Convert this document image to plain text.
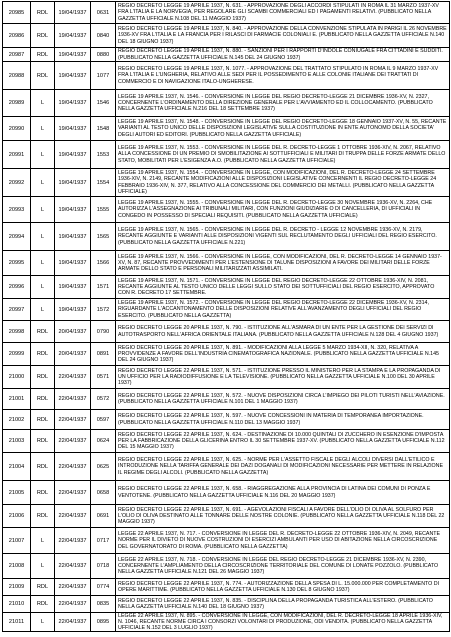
20985	RDL	19/04/1937	0631	REGIO DECRETO LEGGE 19 APRILE 1937, N. 631. - APPROVAZIONE DEGLI ACCORDI STIPULATI IN ROMA IL 31 MARZO 1937-XV FRA L'ITALIA E LA NORVEGIA, PER REGOLARE GLI SCAMBI COMMERCIALI ED I PAGAMENTI RELATIVI. (PUBBLICATO NELLA GAZZETTA UFFICIALE N.108 DEL 11 MAGGIO 1937)
20986	RDL	19/04/1937	0840	REGIO DECRETO LEGGE 19 APRILE 1937, N. 840. - APPROVAZIONE DELLA CONVENZIONE STIPULATA IN PARIGI IL 26 NOVEMBRE 1936-XV FRA L'ITALIA E LA FRANCIA PER I RILASCI DI FARMACIE COLONIALI E. (PUBBLICATO NELLA GAZZETTA UFFICIALE N.140 DEL 18 GIUGNO 1937)
20987	RDL	19/04/1937	0880	REGIO DECRETO LEGGE 19 APRILE 1937, N. 880. - SANZIONI PER I RAPPORTI D'INDOLE CONIUGALE FRA CITTADINI E SUDDITI. (PUBBLICATO NELLA GAZZETTA UFFICIALE N.145 DEL 24 GIUGNO 1937)
20988	RDL	19/04/1937	1077	REGIO DECRETO LEGGE 19 APRILE 1937, N. 1077. - APPROVAZIONE DEL TRATTATO STIPULATO IN ROMA IL 9 MARZO 1937-XV FRA L'ITALIA E L'UNGHERIA, RELATIVO ALLE SEDI PER IL POSSEDIMENTO E ALLE COLONIE ITALIANE DEI TRATTATI DI COMMERCIO E DI NAVIGAZIONE ITALO-UNGHERESE.
20989	L	19/04/1937	1546	LEGGE 19 APRILE 1937, N. 1546. - CONVERSIONE IN LEGGE DEL REGIO DECRETO-LEGGE 21 DICEMBRE 1936-XV, N. 2327, CONCERNENTE L'ORDINAMENTO DELLA DIREZIONE GENERALE PER L'AVVIAMENTO ED IL COLLOCAMENTO. (PUBBLICATO NELLA GAZZETTA UFFICIALE N.216 DEL 18 SETTEMBRE 1937)
20990	L	19/04/1937	1548	LEGGE 19 APRILE 1937, N. 1548. - CONVERSIONE IN LEGGE DEL REGIO DECRETO-LEGGE 18 GENNAIO 1937-XV, N. 55, RECANTE VARIANTI AL TESTO UNICO DELLE DISPOSIZIONI LEGISLATIVE SULLA COSTITUZIONE IN ENTE AUTONOMO DELLA SOCIETA' DEGLI AUTORI ED EDITORI. (PUBBLICATO NELLA GAZZETTA UFFICIALE)
20991	L	19/04/1937	1553	LEGGE 19 APRILE 1937, N. 1553. - CONVERSIONE IN LEGGE DEL R. DECRETO-LEGGE 1 OTTOBRE 1936-XIV, N. 2067, RELATIVO ALLA CONCESSIONE DI UN PREMIO DI SMOBILITAZIONE AI SOTTUFFICIALI E MILITARI DI TRUPPA DELLE FORZE ARMATE DELLO STATO, MOBILITATI PER L'ESIGENZA A.O. (PUBBLICATO NELLA GAZZETTA UFFICIALE)
20992	L	19/04/1937	1554	LEGGE 19 APRILE 1937, N. 1554. - CONVERSIONE IN LEGGE, CON MODIFICAZIONI, DEL R. DECRETO-LEGGE 24 SETTEMBRE 1936-XIV, N. 2149, RECANTE MODIFICAZIONI ALLE DISPOSIZIONI LEGISLATIVE CONCERNENTI IL REGIO DECRETO-LEGGE 24 FEBBRAIO 1936-XIV, N. 377, RELATIVO ALLA CONCESSIONE DEL COMMERCIO DEI METALLI. (PUBBLICATO NELLA GAZZETTA UFFICIALE)
20993	L	19/04/1937	1555	LEGGE 19 APRILE 1937, N. 1555. - CONVERSIONE IN LEGGE DEL R. DECRETO-LEGGE 30 NOVEMBRE 1936-XV, N. 2264, CHE AUTORIZZA L'ASSEGNAZIONE AI TRIBUNALI MILITARI, CON FUNZIONI GIUDIZIARIE O DI CANCELLERIA, DI UFFICIALI IN CONGEDO IN POSSESSO DI SPECIALI REQUISITI. (PUBBLICATO NELLA GAZZETTA UFFICIALE)
20994	L	19/04/1937	1565	LEGGE 19 APRILE 1937, N. 1565. - CONVERSIONE IN LEGGE DEL R. DECRETO - LEGGE 12 NOVEMBRE 1936-XV, N. 2179, RECANTE AGGIUNTE E VARIANTI ALLE DISPOSIZIONI VIGENTI SUL RECLUTAMENTO DEGLI UFFICIALI DEL REGIO ESERCITO. (PUBBLICATO NELLA GAZZETTA UFFICIALE N.221)
20995	L	19/04/1937	1566	LEGGE 19 APRILE 1937, N. 1566. - CONVERSIONE IN LEGGE, CON MODIFICAZIONI, DEL R. DECRETO-LEGGE 14 GENNAIO 1937-XV, N. 87, RECANTE PROVVEDIMENTI PER L'ESTENSIONE DI TALUNE DISPOSIZIONI A FAVORE DEI MILITARI DELLE FORZE ARMATE DELLO STATO E PERSONALI MILITARIZZATI ASSIMILATI.
20996	L	19/04/1937	1571	LEGGE 19 APRILE 1937, N. 1571. - CONVERSIONE IN LEGGE DEL REGIO DECRETO-LEGGE 22 OTTOBRE 1936-XIV, N. 2081, RECANTE AGGIUNTE AL TESTO UNICO DELLE LEGGI SULLO STATO DEI SOTTUFFICIALI DEL REGIO ESERCITO, APPROVATO CON R. DECRETO 17 SETTEMBRE.
20997	L	19/04/1937	1572	LEGGE 19 APRILE 1937, N. 1572. - CONVERSIONE IN LEGGE DEL REGIO DECRETO-LEGGE 22 DICEMBRE 1936-XV, N. 2314, RIGUARDANTE L'ACCANTONAMENTO DELLE DISPOSIZIONI RELATIVE ALL'AVANZAMENTO DEGLI UFFICIALI DEL REGIO ESERCITO. (PUBBLICATO NELLA GAZZETTA)
20998	RDL	20/04/1937	0790	REGIO DECRETO LEGGE 20 APRILE 1937, N. 790. - ISTITUZIONE ALL'ASMARA DI UN ENTE PER LA GESTIONE DEI SERVIZI DI AUTOTRASPORTO NELL'AFRICA ORIENTALE ITALIANA. (PUBBLICATO NELLA GAZZETTA UFFICIALE N.128 DEL 4 GIUGNO 1937)
20999	RDL	20/04/1937	0891	REGIO DECRETO LEGGE 20 APRILE 1937, N. 891. - MODIFICAZIONI ALLA LEGGE 5 MARZO 1934-XII, N. 320, RELATIVA A PROVVIDENZE A FAVORE DELL'INDUSTRIA CINEMATOGRAFICA NAZIONALE. (PUBBLICATO NELLA GAZZETTA UFFICIALE N.145 DEL 24 GIUGNO 1937)
21000	RDL	22/04/1937	0571	REGIO DECRETO LEGGE 22 APRILE 1937, N. 571. - ISTITUZIONE PRESSO IL MINISTERO PER LA STAMPA E LA PROPAGANDA DI UN UFFICIO PER LA RADIODIFFUSIONE E LA TELEVISIONE. (PUBBLICATO NELLA GAZZETTA UFFICIALE N.100 DEL 30 APRILE 1937)
21001	RDL	22/04/1937	0572	REGIO DECRETO LEGGE 22 APRILE 1937, N. 572. - NUOVE DISPOSIZIONI CIRCA L'IMPIEGO DEI PILOTI TURISTI NELL'AVIAZIONE. (PUBBLICATO NELLA GAZZETTA UFFICIALE N.101 DEL 1 MAGGIO 1937)
21002	RDL	22/04/1937	0597	REGIO DECRETO LEGGE 22 APRILE 1937, N. 597. - NUOVE CONCESSIONI IN MATERIA DI TEMPORANEA IMPORTAZIONE. (PUBBLICATO NELLA GAZZETTA UFFICIALE N.110 DEL 13 MAGGIO 1937)
21003	RDL	22/04/1937	0624	REGIO DECRETO LEGGE 22 APRILE 1937, N. 624. - DESTINAZIONE DI 10.000 QUINTALI DI ZUCCHERO IN ESENZIONE D'IMPOSTA PER LA FABBRICAZIONE DELLA GLICERINA ENTRO IL 30 SETTEMBRE 1937-XV. (PUBBLICATO NELLA GAZZETTA UFFICIALE N.112 DEL 15 MAGGIO 1937)
21004	RDL	22/04/1937	0625	REGIO DECRETO LEGGE 22 APRILE 1937, N. 625. - NORME PER L'ASSETTO FISCALE DEGLI ALCOLI DIVERSI DALL'ETILICO E INTRODUZIONE NELLA TARIFFA GENERALE DEI DAZI DOGANALI DI MODIFICAZIONI NECESSARIE PER METTERE IN RELAZIONE IL REGIME DEGLI ALCOLI. (PUBBLICATO NELLA GAZZETTA)
21005	RDL	22/04/1937	0658	REGIO DECRETO LEGGE 22 APRILE 1937, N. 658. - RIAGGREGAZIONE ALLA PROVINCIA DI LATINA DEI COMUNI DI PONZA E VENTOTENE. (PUBBLICATO NELLA GAZZETTA UFFICIALE N.116 DEL 20 MAGGIO 1937)
21006	RDL	22/04/1937	0691	REGIO DECRETO LEGGE 22 APRILE 1937, N. 691. - AGEVOLAZIONI FISCALI A FAVORE DELL'OLIO DI OLIVA AL SOLFURO PER L'OLIO DI OLIVA DESTINATO ALLE TONNARE DELLE NOSTRE COLONIE. (PUBBLICATO NELLA GAZZETTA UFFICIALE N.118 DEL 22 MAGGIO 1937)
21007	L	22/04/1937	0717	LEGGE 22 APRILE 1937, N. 717. - CONVERSIONE IN LEGGE DEL R. DECRETO-LEGGE 22 OTTOBRE 1936-XIV, N. 2049, RECANTE NORME PER IL DIVIETO DI NUOVE COSTRUZIONI DI ESERCIZI AMBULANTI PER USO DI ABITAZIONE NELLA CIRCOSCRIZIONE DEL GOVERNATORATO DI ROMA. (PUBBLICATO NELLA GAZZETTA)
21008	L	22/04/1937	0718	LEGGE 22 APRILE 1937, N. 718. - CONVERSIONE IN LEGGE DEL REGIO DECRETO-LEGGE 21 DICEMBRE 1936-XV, N. 2390, CONCERNENTE L'AMPLIAMENTO DELLA CIRCOSCRIZIONE TERRITORIALE DEL COMUNE DI LONATE POZZOLO. (PUBBLICATO NELLA GAZZETTA UFFICIALE N.121 DEL 26 MAGGIO 1937)
21009	RDL	22/04/1937	0774	REGIO DECRETO LEGGE 22 APRILE 1937, N. 774. - AUTORIZZAZIONE DELLA SPESA DI L. 15.000.000 PER COMPLETAMENTO DI OPERE MARITTIME. (PUBBLICATO NELLA GAZZETTA UFFICIALE N.130 DEL 8 GIUGNO 1937)
21010	RDL	22/04/1937	0835	REGIO DECRETO LEGGE 22 APRILE 1937, N. 835. - DISCIPLINA DELLA PROPAGANDA TURISTICA ALL'ESTERO. (PUBBLICATO NELLA GAZZETTA UFFICIALE N.140 DEL 18 GIUGNO 1937)
21011	L	22/04/1937	0895	LEGGE 22 APRILE 1937, N. 895. - CONVERSIONE IN LEGGE, CON MODIFICAZIONI, DEL R. DECRETO-LEGGE 18 APRILE 1936-XIV, N. 1046, RECANTE NORME CIRCA I CONSORZI VOLONTARI DI PRODUZIONE, ODI VENDITA. (PUBBLICATO NELLA GAZZETTA UFFICIALE N.152 DEL 3 LUGLIO 1937)
